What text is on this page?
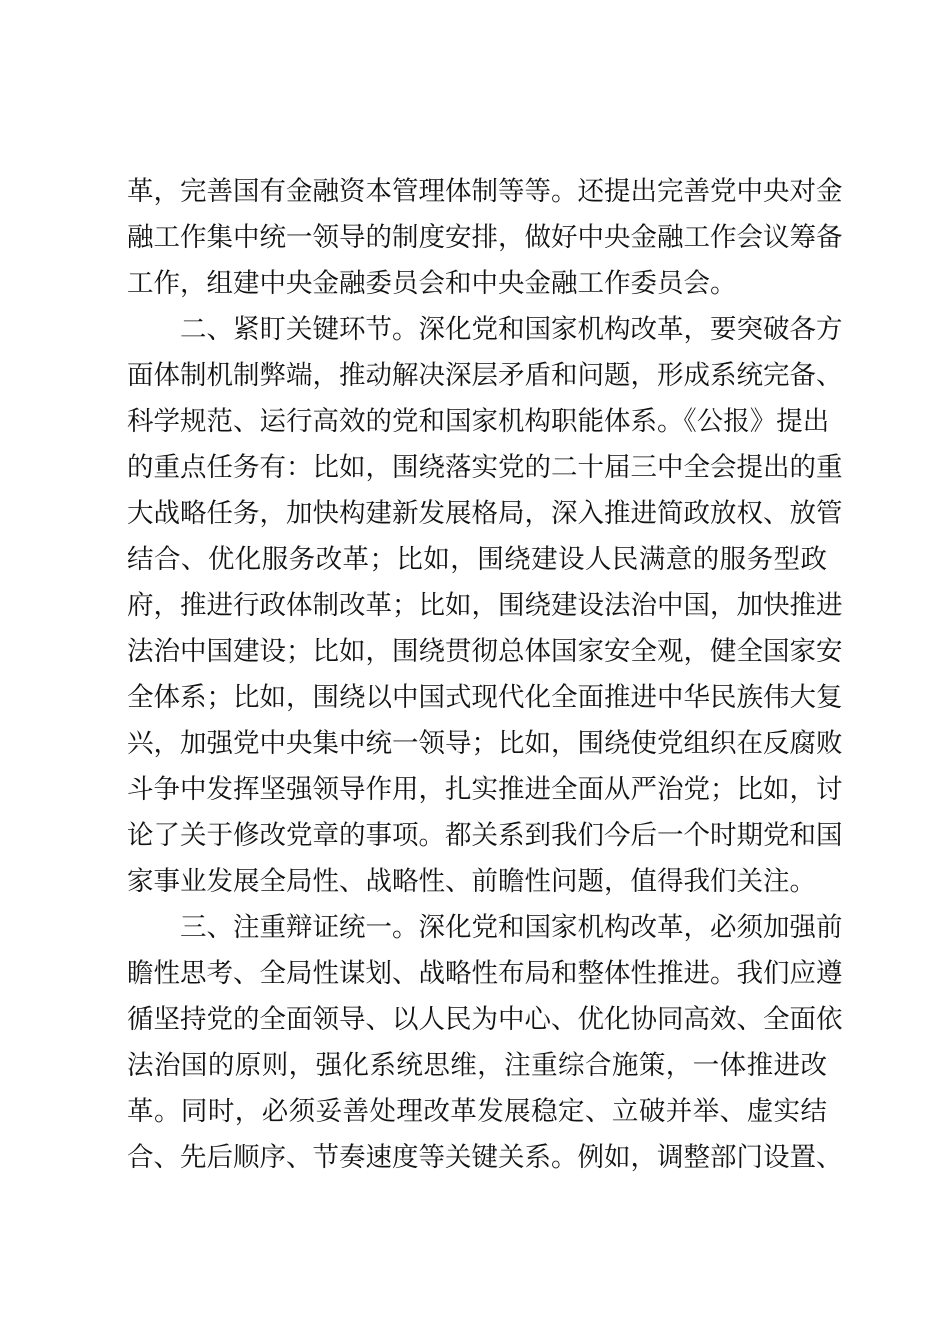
革，完善国有金融资本管理体制等等。还提出完善党中央对金
融工作集中统一领导的制度安排，做好中央金融工作会议筹备
工作，组建中央金融委员会和中央金融工作委员会。
二、紧盯关键环节。深化党和国家机构改革，要突破各方
面体制机制弊端，推动解决深层矛盾和问题，形成系统完备、
科学规范、运行高效的党和国家机构职能体系。《公报》提出
的重点任务有：比如，围绕落实党的二十届三中全会提出的重
大战略任务，加快构建新发展格局，深入推进简政放权、放管
结合、优化服务改革；比如，围绕建设人民满意的服务型政
府，推进行政体制改革；比如，围绕建设法治中国，加快推进
法治中国建设；比如，围绕贯彻总体国家安全观，健全国家安
全体系；比如，围绕以中国式现代化全面推进中华民族伟大复
兴，加强党中央集中统一领导；比如，围绕使党组织在反腐败
斗争中发挥坚强领导作用，扎实推进全面从严治党；比如，讨
论了关于修改党章的事项。都关系到我们今后一个时期党和国
家事业发展全局性、战略性、前瞻性问题，值得我们关注。
三、注重辩证统一。深化党和国家机构改革，必须加强前
瞻性思考、全局性谋划、战略性布局和整体性推进。我们应遵
循坚持党的全面领导、以人民为中心、优化协同高效、全面依
法治国的原则，强化系统思维，注重综合施策，一体推进改
革。同时，必须妥善处理改革发展稳定、立破并举、虚实结
合、先后顺序、节奏速度等关键关系。例如，调整部门设置、
